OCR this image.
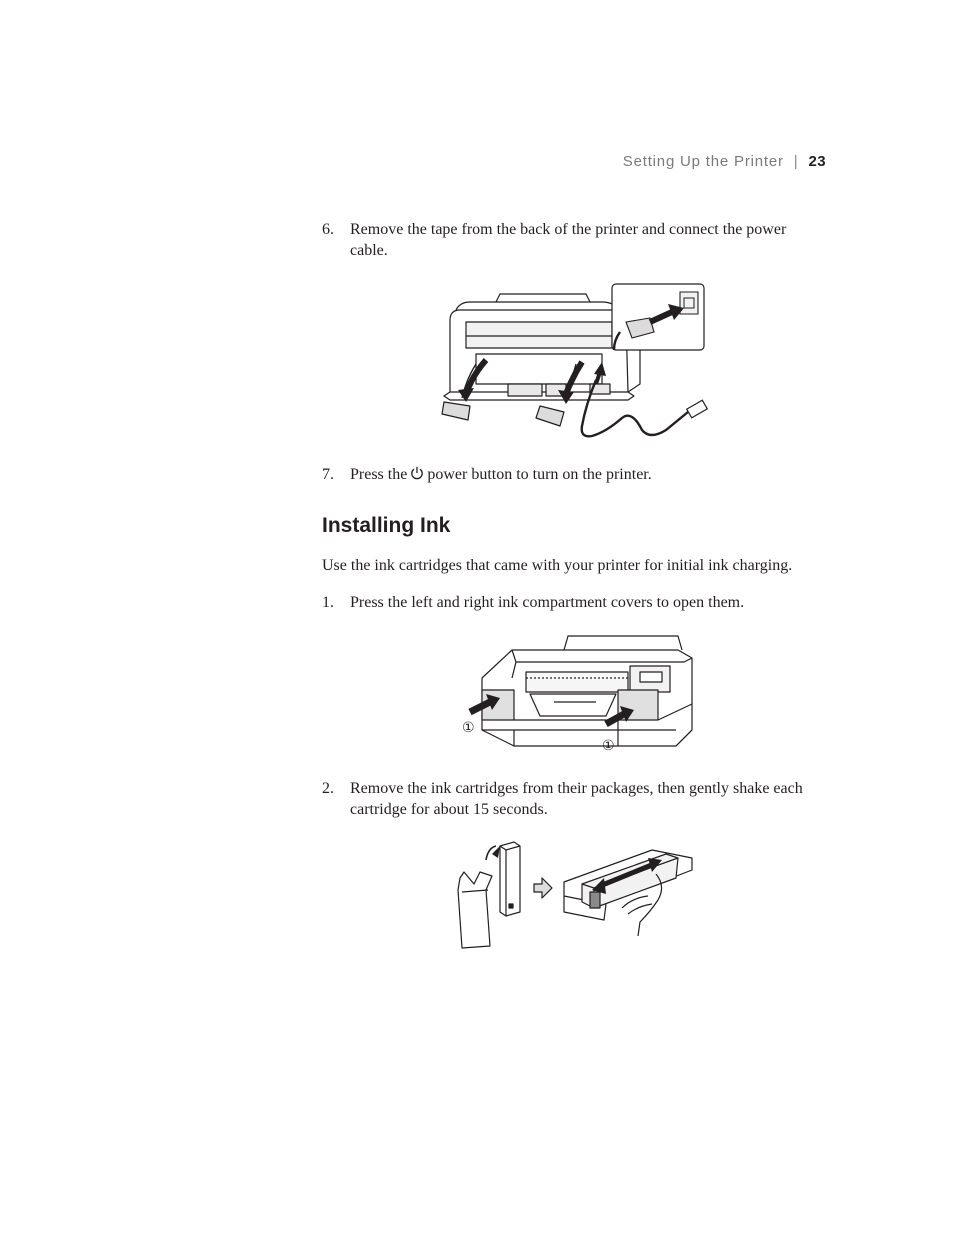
Setting Up the Printer | 23
6. Remove the tape from the back of the printer and connect the power cable.
7. Press the power button to turn on the printer.
Installing Ink
Use the ink cartridges that came with your printer for initial ink charging.
1. Press the left and right ink compartment covers to open them.
①
①
2. Remove the ink cartridges from their packages, then gently shake each cartridge for about 15 seconds.
